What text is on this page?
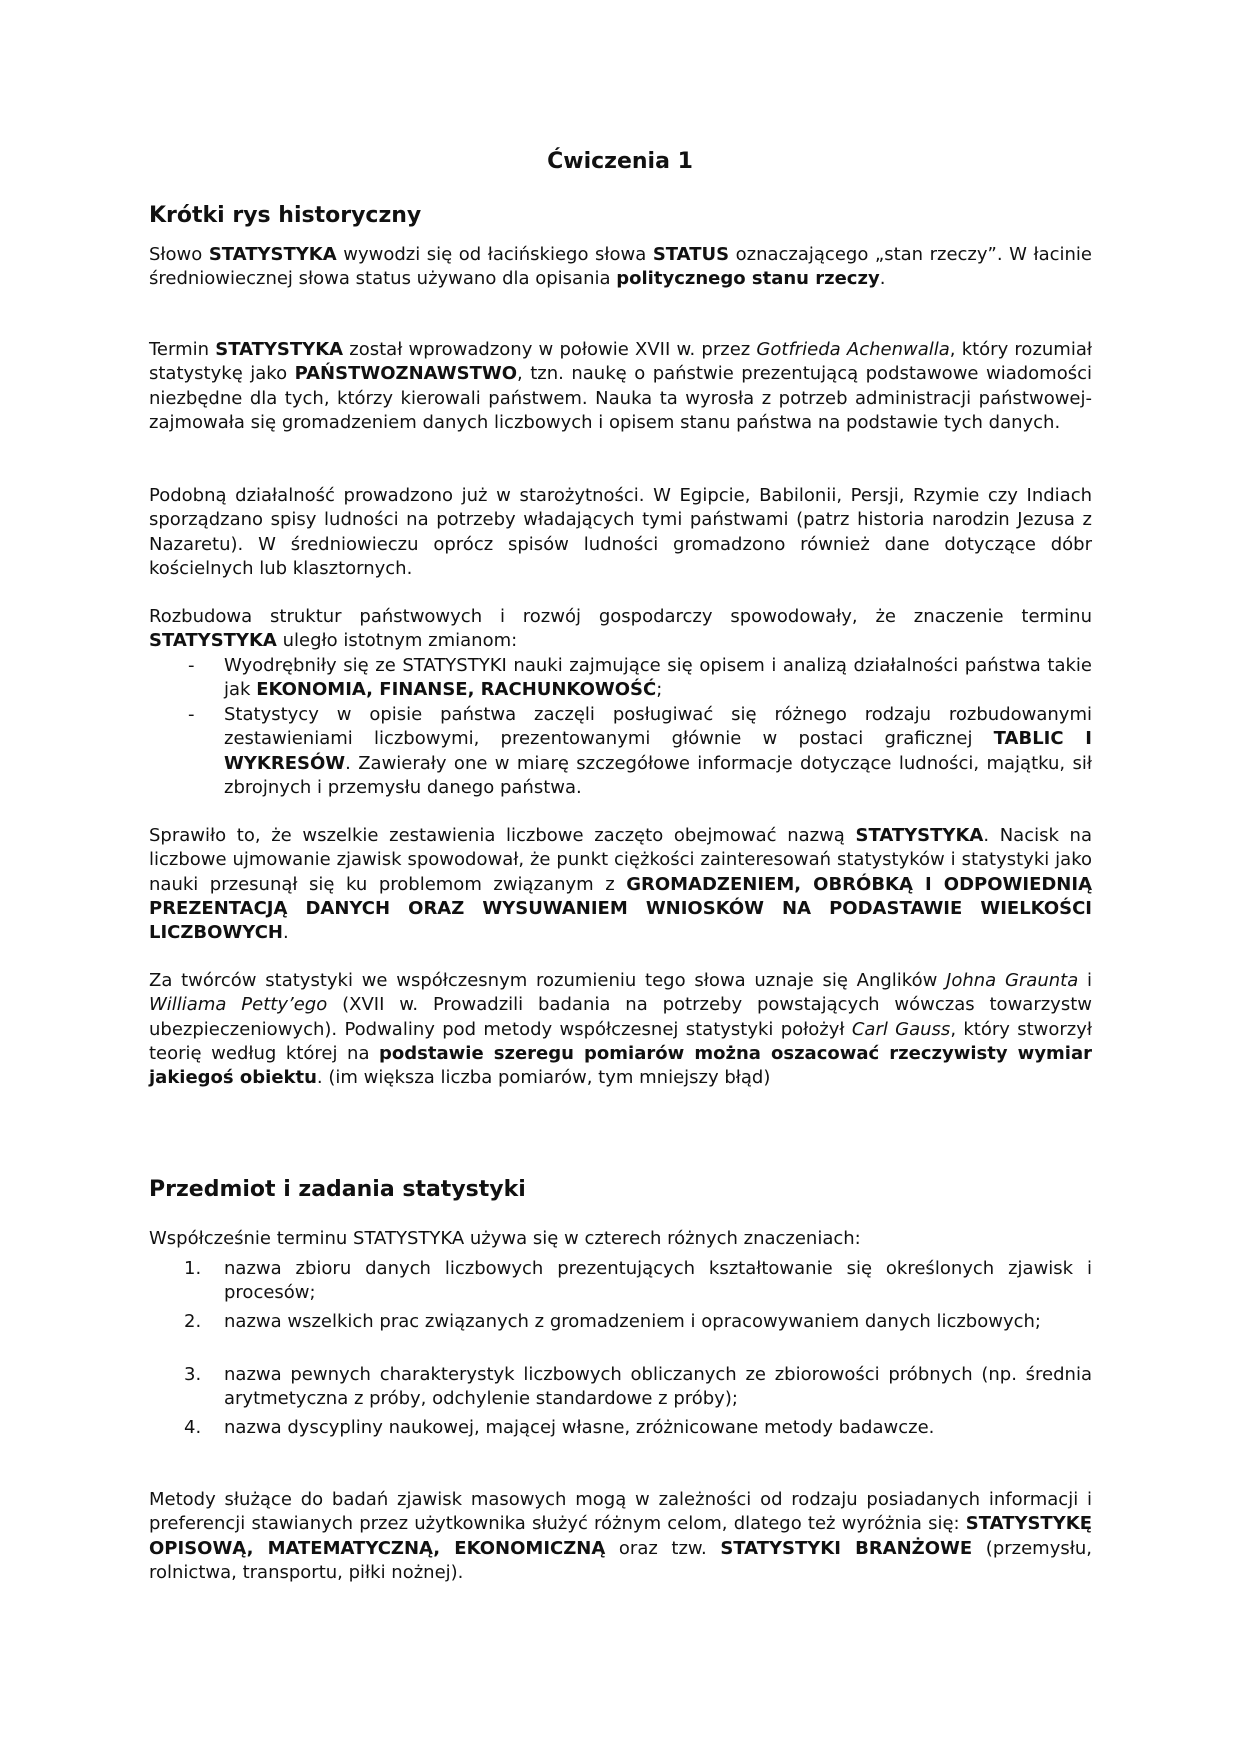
Ćwiczenia 1
Krótki rys historyczny

Słowo STATYSTYKA wywodzi się od łacińskiego słowa STATUS oznaczającego „stan rzeczy”. W łacinie średniowiecznej słowa status używano dla opisania politycznego stanu rzeczy.

Termin STATYSTYKA został wprowadzony w połowie XVII w. przez Gotfrieda Achenwalla, który rozumiał statystykę jako PAŃSTWOZNAWSTWO, tzn. naukę o państwie prezentującą podstawowe wiadomości niezbędne dla tych, którzy kierowali państwem. Nauka ta wyrosła z potrzeb administracji państwowej- zajmowała się gromadzeniem danych liczbowych i opisem stanu państwa na podstawie tych danych.

Podobną działalność prowadzono już w starożytności. W Egipcie, Babilonii, Persji, Rzymie czy Indiach sporządzano spisy ludności na potrzeby władających tymi państwami (patrz historia narodzin Jezusa z Nazaretu). W średniowieczu oprócz spisów ludności gromadzono również dane dotyczące dóbr kościelnych lub klasztornych.

Rozbudowa struktur państwowych i rozwój gospodarczy spowodowały, że znaczenie terminu STATYSTYKA uległo istotnym zmianom:

- Wyodrębniły się ze STATYSTYKI nauki zajmujące się opisem i analizą działalności państwa takie jak EKONOMIA, FINANSE, RACHUNKOWOŚĆ;
- Statystycy w opisie państwa zaczęli posługiwać się różnego rodzaju rozbudowanymi zestawieniami liczbowymi, prezentowanymi głównie w postaci graficznej TABLIC I WYKRESÓW. Zawierały one w miarę szczegółowe informacje dotyczące ludności, majątku, sił zbrojnych i przemysłu danego państwa.

Sprawiło to, że wszelkie zestawienia liczbowe zaczęto obejmować nazwą STATYSTYKA. Nacisk na liczbowe ujmowanie zjawisk spowodował, że punkt ciężkości zainteresowań statystyków i statystyki jako nauki przesunął się ku problemom związanym z GROMADZENIEM, OBRÓBKĄ I ODPOWIEDNIĄ PREZENTACJĄ DANYCH ORAZ WYSUWANIEM WNIOSKÓW NA PODASTAWIE WIELKOŚCI LICZBOWYCH.

Za twórców statystyki we współczesnym rozumieniu tego słowa uznaje się Anglików Johna Graunta i Williama Petty’ego (XVII w. Prowadzili badania na potrzeby powstających wówczas towarzystw ubezpieczeniowych). Podwaliny pod metody współczesnej statystyki położył Carl Gauss, który stworzył teorię według której na podstawie szeregu pomiarów można oszacować rzeczywisty wymiar jakiegoś obiektu. (im większa liczba pomiarów, tym mniejszy błąd)

Przedmiot i zadania statystyki

Współcześnie terminu STATYSTYKA używa się w czterech różnych znaczeniach:

1. nazwa zbioru danych liczbowych prezentujących kształtowanie się określonych zjawisk i procesów;
2. nazwa wszelkich prac związanych z gromadzeniem i opracowywaniem danych liczbowych;
3. nazwa pewnych charakterystyk liczbowych obliczanych ze zbiorowości próbnych (np. średnia arytmetyczna z próby, odchylenie standardowe z próby);
4. nazwa dyscypliny naukowej, mającej własne, zróżnicowane metody badawcze.

Metody służące do badań zjawisk masowych mogą w zależności od rodzaju posiadanych informacji i preferencji stawianych przez użytkownika służyć różnym celom, dlatego też wyróżnia się: STATYSTYKĘ OPISOWĄ, MATEMATYCZNĄ, EKONOMICZNĄ oraz tzw. STATYSTYKI BRANŻOWE (przemysłu, rolnictwa, transportu, piłki nożnej).
